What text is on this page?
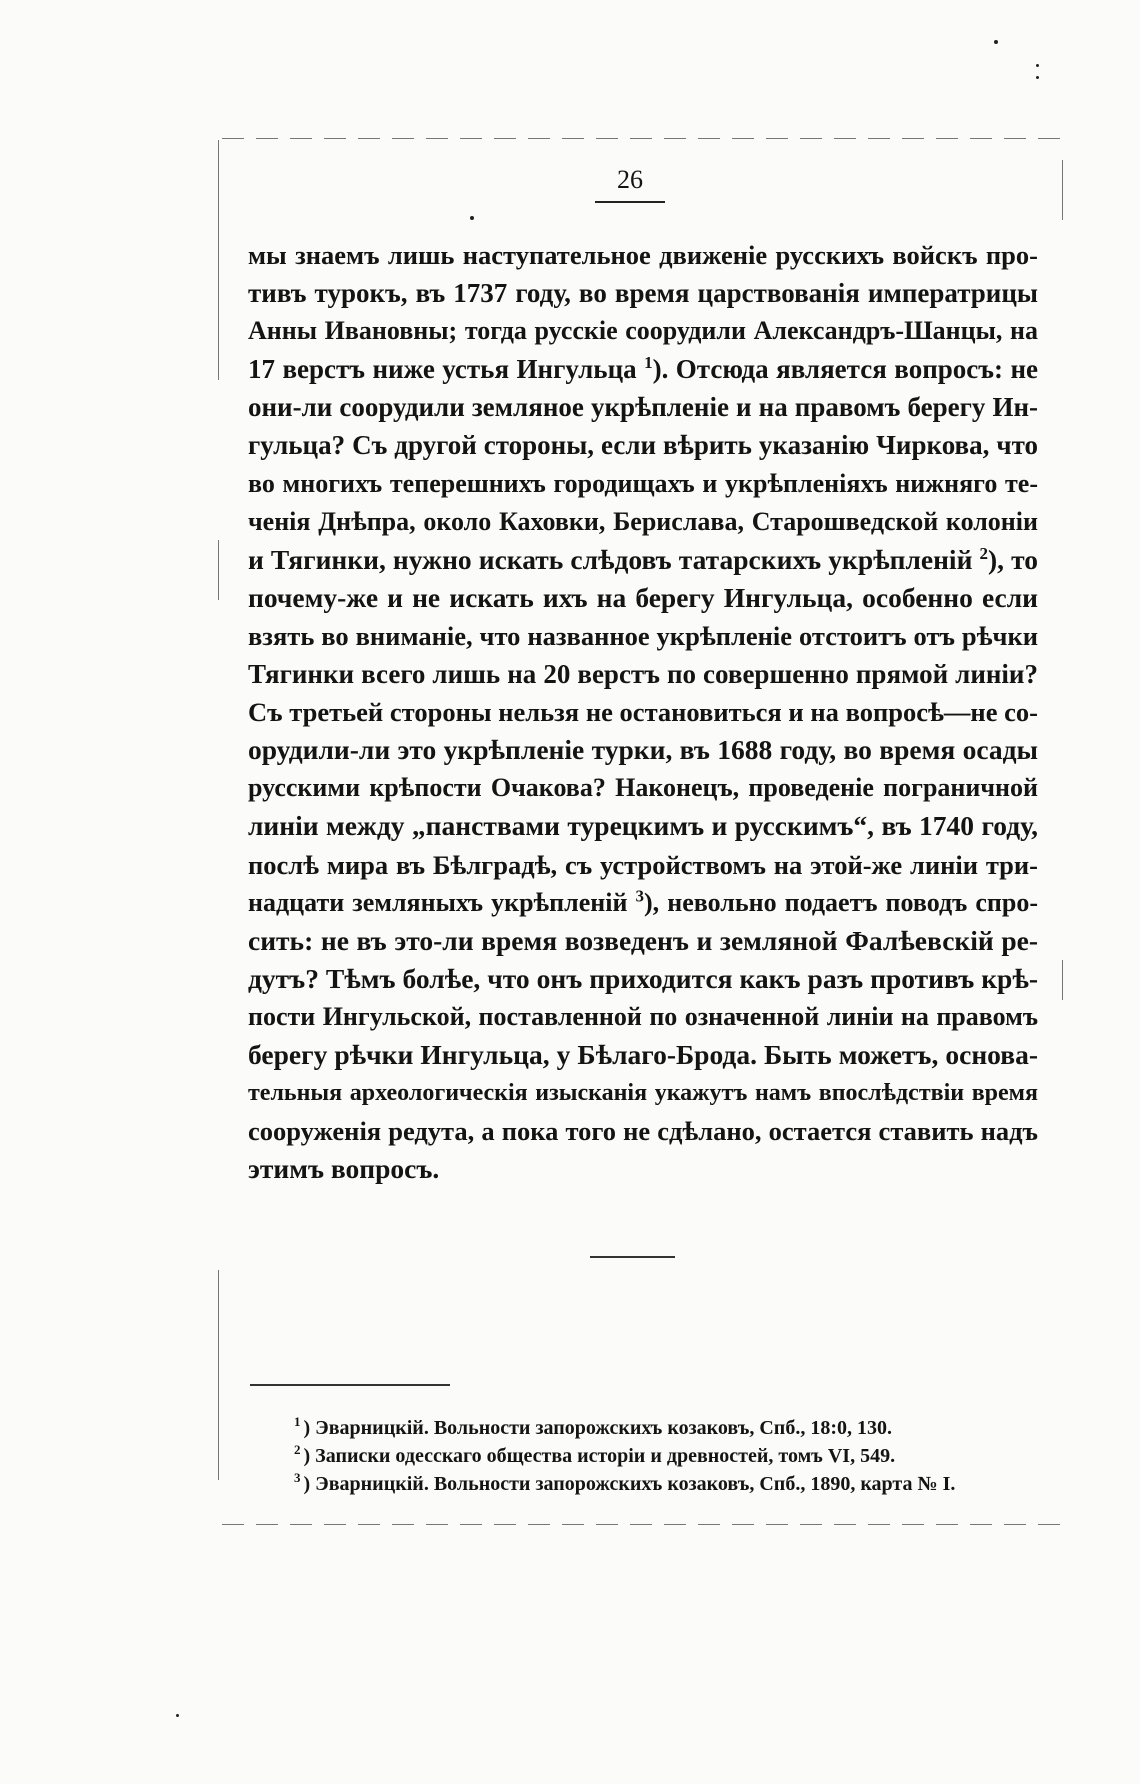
26
мы знаемъ лишь наступательное движенiе русскихъ войскъ про-
тивъ турокъ, въ 1737 году, во время царствованія императрицы
Анны Ивановны; тогда русскіе соорудили Александръ-Шанцы, на
17 верстъ ниже устья Ингульца $^1$). Отсюда является вопросъ: не
они-ли соорудили земляное укрѣпленіе и на правомъ берегу Ин-
гульца? Съ другой стороны, если вѣрить указанію Чиркова, что
во многихъ теперешнихъ городищахъ и укрѣпленіяхъ нижняго те-
ченія Днѣпра, около Каховки, Берислава, Старошведской колоніи
и Тягинки, нужно искать слѣдовъ татарскихъ укрѣпленій $^2$), то
почему-же и не искать ихъ на берегу Ингульца, особенно если
взять во вниманіе, что названное укрѣпленіе отстоитъ отъ рѣчки
Тягинки всего лишь на 20 верстъ по совершенно прямой линіи?
Съ третьей стороны нельзя не остановиться и на вопросѣ—не со-
орудили-ли это укрѣпленіе турки, въ 1688 году, во время осады
русскими крѣпости Очакова? Наконецъ, проведеніе пограничной
линіи между „панствами турецкимъ и русскимъ“, въ 1740 году,
послѣ мира въ Бѣлградѣ, съ устройствомъ на этой-же линіи три-
надцати земляныхъ укрѣпленій $^3$), невольно подаетъ поводъ спро-
сить: не въ это-ли время возведенъ и земляной Фалѣевскій ре-
дутъ? Тѣмъ болѣе, что онъ приходится какъ разъ противъ крѣ-
пости Ингульской, поставленной по означенной линіи на правомъ
берегу рѣчки Ингульца, у Бѣлаго-Брода. Быть можетъ, основа-
тельныя археологическія изысканія укажутъ намъ впослѣдствіи время
сооруженія редута, а пока того не сдѣлано, остается ставить надъ
этимъ вопросъ.
$^1$ ) Эварницкій. Вольности запорожскихъ козаковъ, Спб., 18:0, 130.
$^2$ ) Записки одесскаго общества исторіи и древностей, томъ VI, 549.
$^3$ ) Эварницкій. Вольности запорожскихъ козаковъ, Спб., 1890, карта № I.
